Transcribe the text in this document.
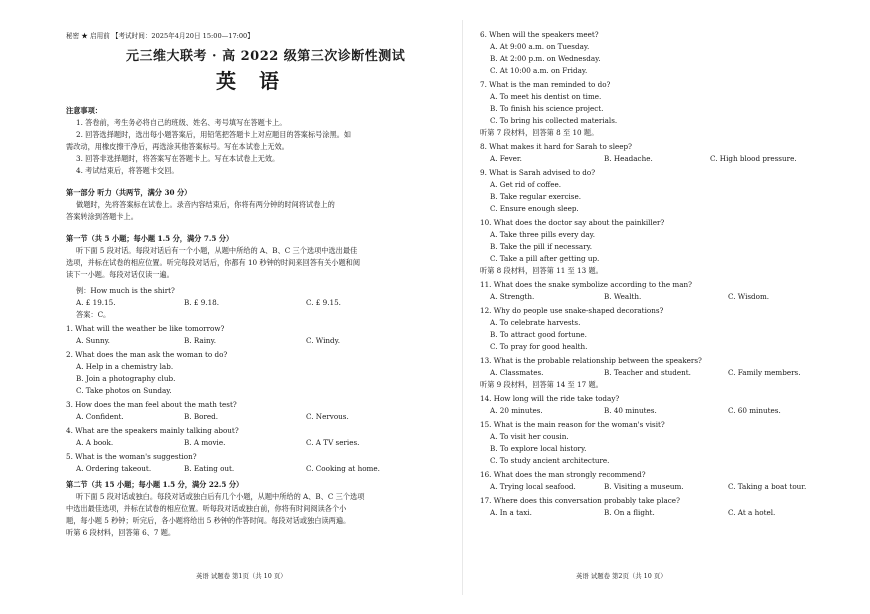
秘密 ★ 启用前 【考试时间：2025年4月20日 15:00—17:00】
元三维大联考 · 高 2022 级第三次诊断性测试
英 语
注意事项：
1. 答卷前，考生务必将自己的班级、姓名、考号填写在答题卡上。
2. 回答选择题时，选出每小题答案后，用铅笔把答题卡上对应题目的答案标号涂黑。如
需改动，用橡皮擦干净后，再选涂其他答案标号。写在本试卷上无效。
3. 回答非选择题时，将答案写在答题卡上。写在本试卷上无效。
4. 考试结束后，将答题卡交回。
第一部分 听力（共两节，满分 30 分）
做题时，先将答案标在试卷上。录音内容结束后，你将有两分钟的时间将试卷上的
答案转涂到答题卡上。
第一节（共 5 小题；每小题 1.5 分，满分 7.5 分）
听下面 5 段对话。每段对话后有一个小题，从题中所给的 A、B、C 三个选项中选出最佳
选项，并标在试卷的相应位置。听完每段对话后，你都有 10 秒钟的时间来回答有关小题和阅
读下一小题。每段对话仅读一遍。
例：How much is the shirt?
A. £ 19.15.	B. £ 9.18.	C. £ 9.15.
答案：C。
1. What will the weather be like tomorrow?
A. Sunny.	B. Rainy.	C. Windy.
2. What does the man ask the woman to do?
A. Help in a chemistry lab.
B. Join a photography club.
C. Take photos on Sunday.
3. How does the man feel about the math test?
A. Confident.	B. Bored.	C. Nervous.
4. What are the speakers mainly talking about?
A. A book.	B. A movie.	C. A TV series.
5. What is the woman's suggestion?
A. Ordering takeout.	B. Eating out.	C. Cooking at home.
第二节（共 15 小题；每小题 1.5 分，满分 22.5 分）
听下面 5 段对话或独白。每段对话或独白后有几个小题，从题中所给的 A、B、C 三个选项
中选出最佳选项，并标在试卷的相应位置。听每段对话或独白前，你将有时间阅读各个小
题，每小题 5 秒钟；听完后，各小题将给出 5 秒钟的作答时间。每段对话或独白读两遍。
听第 6 段材料，回答第 6、7 题。
英语 试题卷 第1页（共 10 页）
6. When will the speakers meet?
A. At 9:00 a.m. on Tuesday.
B. At 2:00 p.m. on Wednesday.
C. At 10:00 a.m. on Friday.
7. What is the man reminded to do?
A. To meet his dentist on time.
B. To finish his science project.
C. To bring his collected materials.
听第 7 段材料，回答第 8 至 10 题。
8. What makes it hard for Sarah to sleep?
A. Fever.	B. Headache.	C. High blood pressure.
9. What is Sarah advised to do?
A. Get rid of coffee.
B. Take regular exercise.
C. Ensure enough sleep.
10. What does the doctor say about the painkiller?
A. Take three pills every day.
B. Take the pill if necessary.
C. Take a pill after getting up.
听第 8 段材料，回答第 11 至 13 题。
11. What does the snake symbolize according to the man?
A. Strength.	B. Wealth.	C. Wisdom.
12. Why do people use snake-shaped decorations?
A. To celebrate harvests.
B. To attract good fortune.
C. To pray for good health.
13. What is the probable relationship between the speakers?
A. Classmates.	B. Teacher and student.	C. Family members.
听第 9 段材料，回答第 14 至 17 题。
14. How long will the ride take today?
A. 20 minutes.	B. 40 minutes.	C. 60 minutes.
15. What is the main reason for the woman's visit?
A. To visit her cousin.
B. To explore local history.
C. To study ancient architecture.
16. What does the man strongly recommend?
A. Trying local seafood.	B. Visiting a museum.	C. Taking a boat tour.
17. Where does this conversation probably take place?
A. In a taxi.	B. On a flight.	C. At a hotel.
英语 试题卷 第2页（共 10 页）
